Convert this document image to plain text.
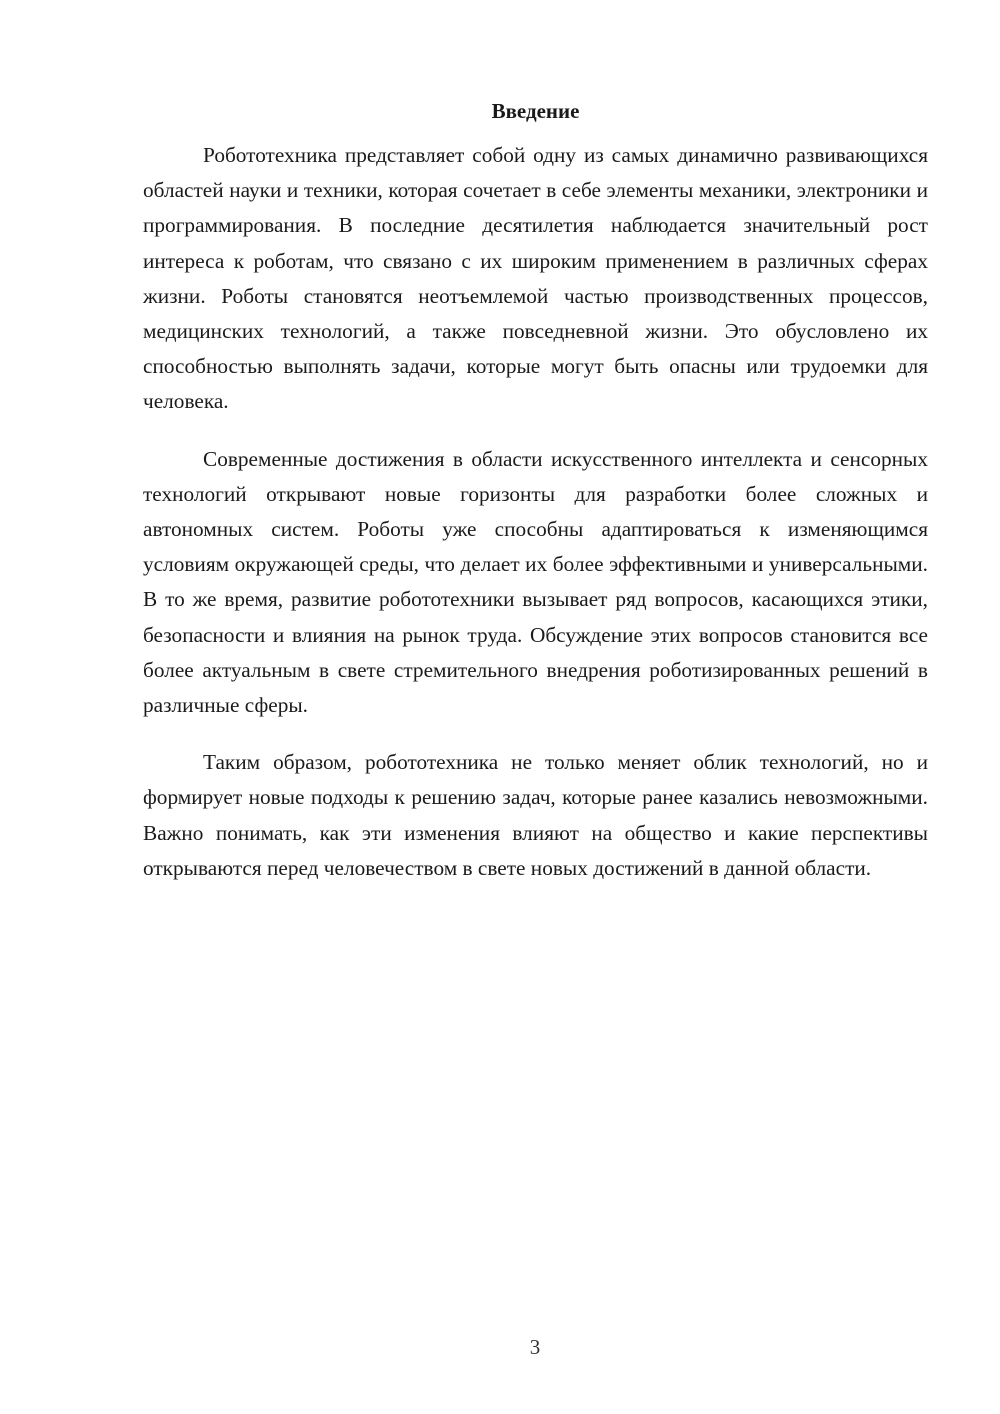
Введение

Робототехника представляет собой одну из самых динамично развивающихся областей науки и техники, которая сочетает в себе элементы механики, электроники и программирования. В последние десятилетия наблюдается значительный рост интереса к роботам, что связано с их широким применением в различных сферах жизни. Роботы становятся неотъемлемой частью производственных процессов, медицинских технологий, а также повседневной жизни. Это обусловлено их способностью выполнять задачи, которые могут быть опасны или трудоемки для человека.

Современные достижения в области искусственного интеллекта и сенсорных технологий открывают новые горизонты для разработки более сложных и автономных систем. Роботы уже способны адаптироваться к изменяющимся условиям окружающей среды, что делает их более эффективными и универсальными. В то же время, развитие робототехники вызывает ряд вопросов, касающихся этики, безопасности и влияния на рынок труда. Обсуждение этих вопросов становится все более актуальным в свете стремительного внедрения роботизированных решений в различные сферы.

Таким образом, робототехника не только меняет облик технологий, но и формирует новые подходы к решению задач, которые ранее казались невозможными. Важно понимать, как эти изменения влияют на общество и какие перспективы открываются перед человечеством в свете новых достижений в данной области.

3
